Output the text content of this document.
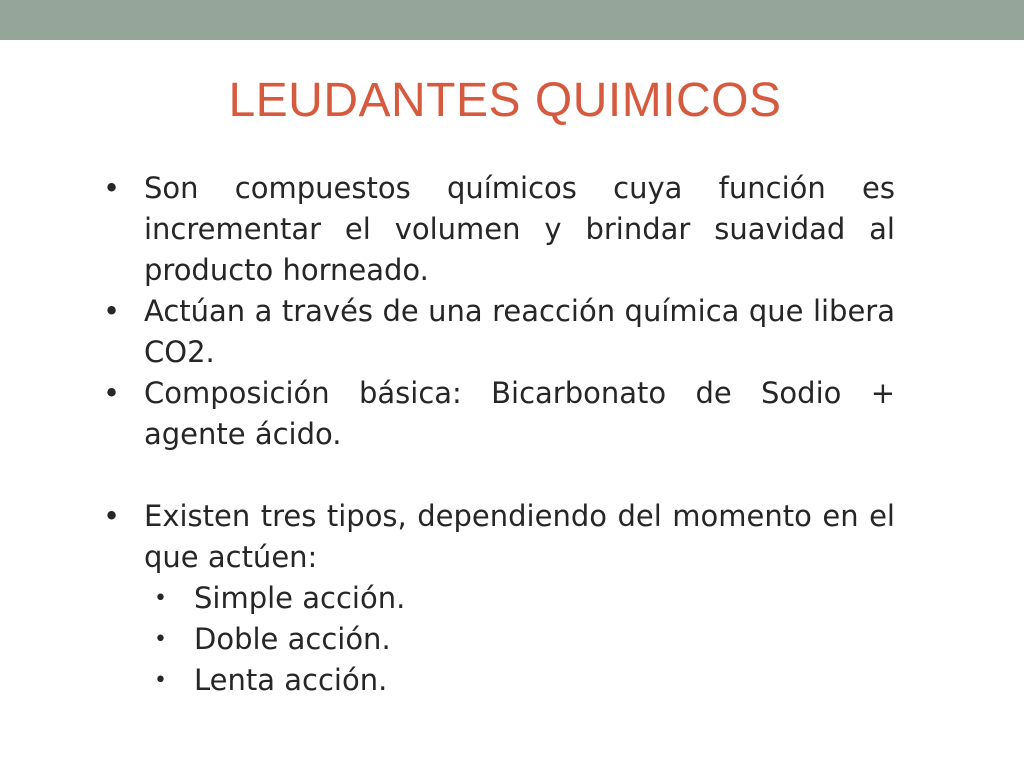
LEUDANTES QUIMICOS
• Son compuestos químicos cuya función es incrementar el volumen y brindar suavidad al producto horneado.
• Actúan a través de una reacción química que libera CO2.
• Composición básica: Bicarbonato de Sodio + agente ácido.
• Existen tres tipos, dependiendo del momento en el que actúen:
• Simple acción.
• Doble acción.
• Lenta acción.
